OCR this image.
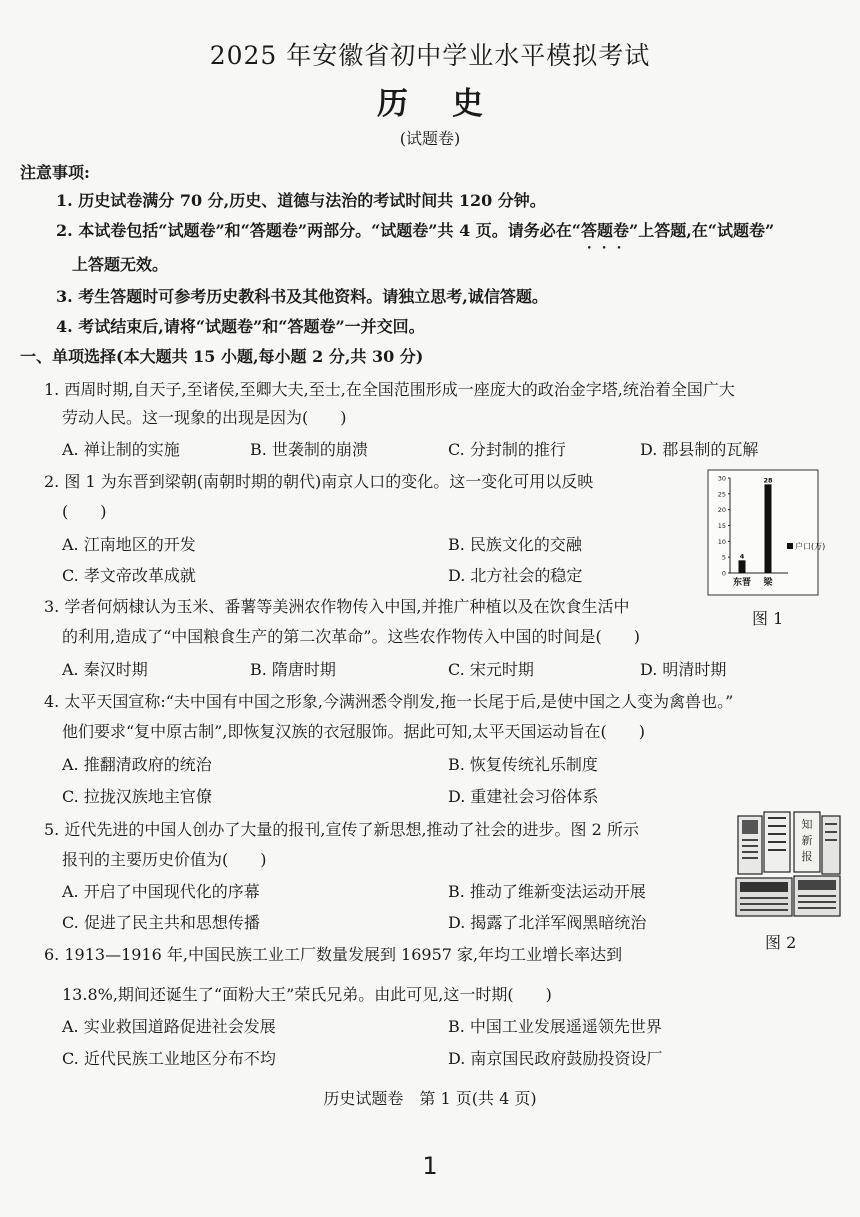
2025 年安徽省初中学业水平模拟考试
历史
(试题卷)
注意事项:
1. 历史试卷满分 70 分,历史、道德与法治的考试时间共 120 分钟。
2. 本试卷包括“试题卷”和“答题卷”两部分。“试题卷”共 4 页。请务必在“答题卷 • • •”上答题,在“试题卷”
上答题无效。
3. 考生答题时可参考历史教科书及其他资料。请独立思考,诚信答题。
4. 考试结束后,请将“试题卷”和“答题卷”一并交回。
一、单项选择(本大题共 15 小题,每小题 2 分,共 30 分)
1. 西周时期,自天子,至诸侯,至卿大夫,至士,在全国范围形成一座庞大的政治金字塔,统治着全国广大
劳动人民。这一现象的出现是因为(　　)
A. 禅让制的实施	B. 世袭制的崩溃	C. 分封制的推行	D. 郡县制的瓦解
2. 图 1 为东晋到梁朝(南朝时期的朝代)南京人口的变化。这一变化可用以反映
(　　)
A. 江南地区的开发	B. 民族文化的交融
C. 孝文帝改革成就	D. 北方社会的稳定	0
5
10
15
20
25
30
4
东晋
28
梁
户口(万)
图 1
3. 学者何炳棣认为玉米、番薯等美洲农作物传入中国,并推广种植以及在饮食生活中
的利用,造成了“中国粮食生产的第二次革命”。这些农作物传入中国的时间是(　　)
A. 秦汉时期	B. 隋唐时期	C. 宋元时期	D. 明清时期
4. 太平天国宣称:“夫中国有中国之形象,今满洲悉令削发,拖一长尾于后,是使中国之人变为禽兽也。”
他们要求“复中原古制”,即恢复汉族的衣冠服饰。据此可知,太平天国运动旨在(　　)
A. 推翻清政府的统治	B. 恢复传统礼乐制度
C. 拉拢汉族地主官僚	D. 重建社会习俗体系
5. 近代先进的中国人创办了大量的报刊,宣传了新思想,推动了社会的进步。图 2 所示
报刊的主要历史价值为(　　)
A. 开启了中国现代化的序幕	B. 推动了维新变法运动开展
C. 促进了民主共和思想传播	D. 揭露了北洋军阀黑暗统治
知
新
报
图 2
6. 1913—1916 年,中国民族工业工厂数量发展到 16957 家,年均工业增长率达到
13.8%,期间还诞生了“面粉大王”荣氏兄弟。由此可见,这一时期(　　)
A. 实业救国道路促进社会发展	B. 中国工业发展遥遥领先世界
C. 近代民族工业地区分布不均	D. 南京国民政府鼓励投资设厂
历史试题卷　第 1 页(共 4 页)
1
